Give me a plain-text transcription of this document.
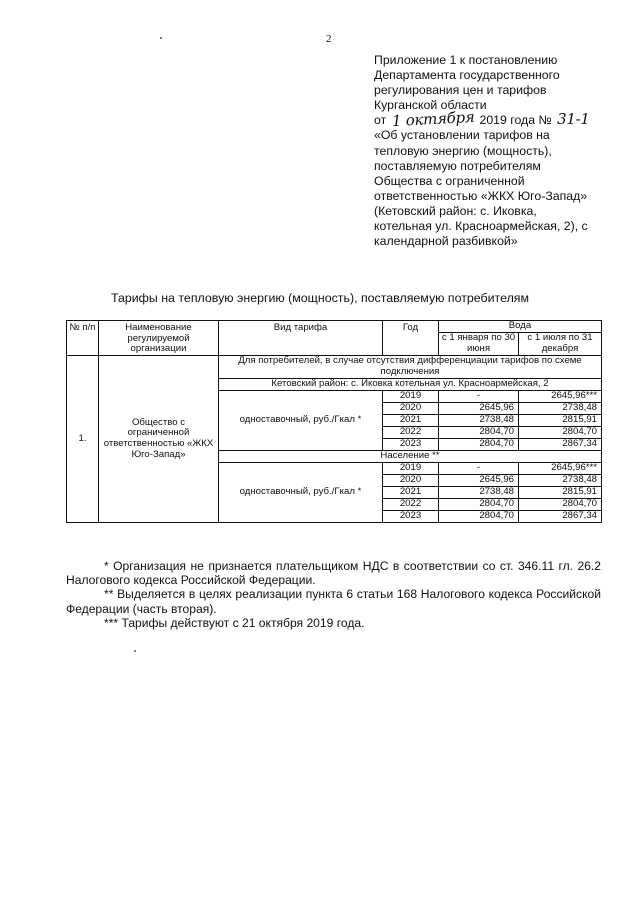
2
Приложение 1 к постановлению
Департамента государственного
регулирования цен и тарифов
Курганской области
от 1 октября 2019 года № 31-1
«Об установлении тарифов на
тепловую энергию (мощность),
поставляемую потребителям
Общества с ограниченной
ответственностью «ЖКХ Юго-Запад»
(Кетовский район: с. Иковка,
котельная ул. Красноармейская, 2), с
календарной разбивкой»
Тарифы на тепловую энергию (мощность), поставляемую потребителям
№ п/п	Наименование регулируемой организации	Вид тарифа	Год	Вода	
				с 1 января по 30 июня	с 1 июля по 31 декабря
1.	Общество с ограниченной ответственностью «ЖКХ Юго-Запад»	Для потребителей, в случае отсутствия дифференциации тарифов по схеме подключения			
		Кетовский район: с. Иковка котельная ул. Красноармейская, 2			
		одноставочный, руб./Гкал *	2019	-	2645,96***
			2020	2645,96	2738,48
			2021	2738,48	2815,91
			2022	2804,70	2804,70
			2023	2804,70	2867,34
		Население **			
		одноставочный, руб./Гкал *	2019	-	2645,96***
			2020	2645,96	2738,48
			2021	2738,48	2815,91
			2022	2804,70	2804,70
			2023	2804,70	2867,34

* Организация не признается плательщиком НДС в соответствии со ст. 346.11 гл. 26.2 Налогового кодекса Российской Федерации.

** Выделяется в целях реализации пункта 6 статьи 168 Налогового кодекса Российской Федерации (часть вторая).

*** Тарифы действуют с 21 октября 2019 года.
